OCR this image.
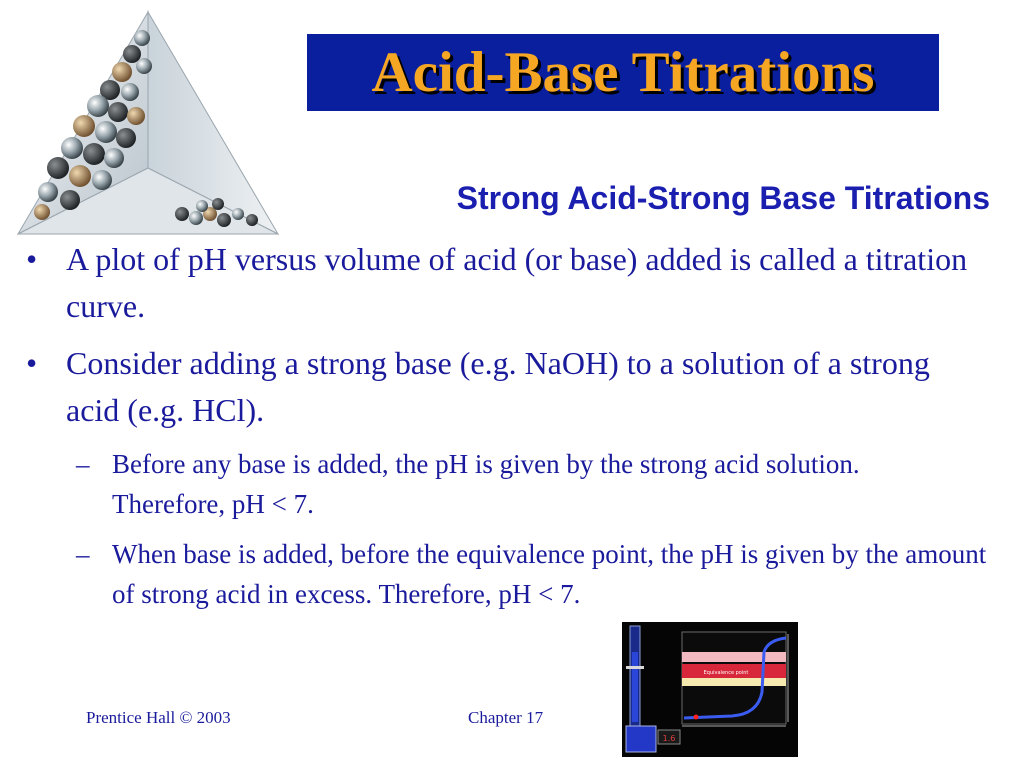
Acid-Base Titrations
Strong Acid-Strong Base Titrations
• A plot of pH versus volume of acid (or base) added is called a titration curve.
• Consider adding a strong base (e.g. NaOH) to a solution of a strong acid (e.g. HCl).
– Before any base is added, the pH is given by the strong acid solution. Therefore, pH < 7.
– When base is added, before the equivalence point, the pH is given by the amount of strong acid in excess. Therefore, pH < 7.
1.6
Equivalence point
Prentice Hall © 2003	Chapter 17
